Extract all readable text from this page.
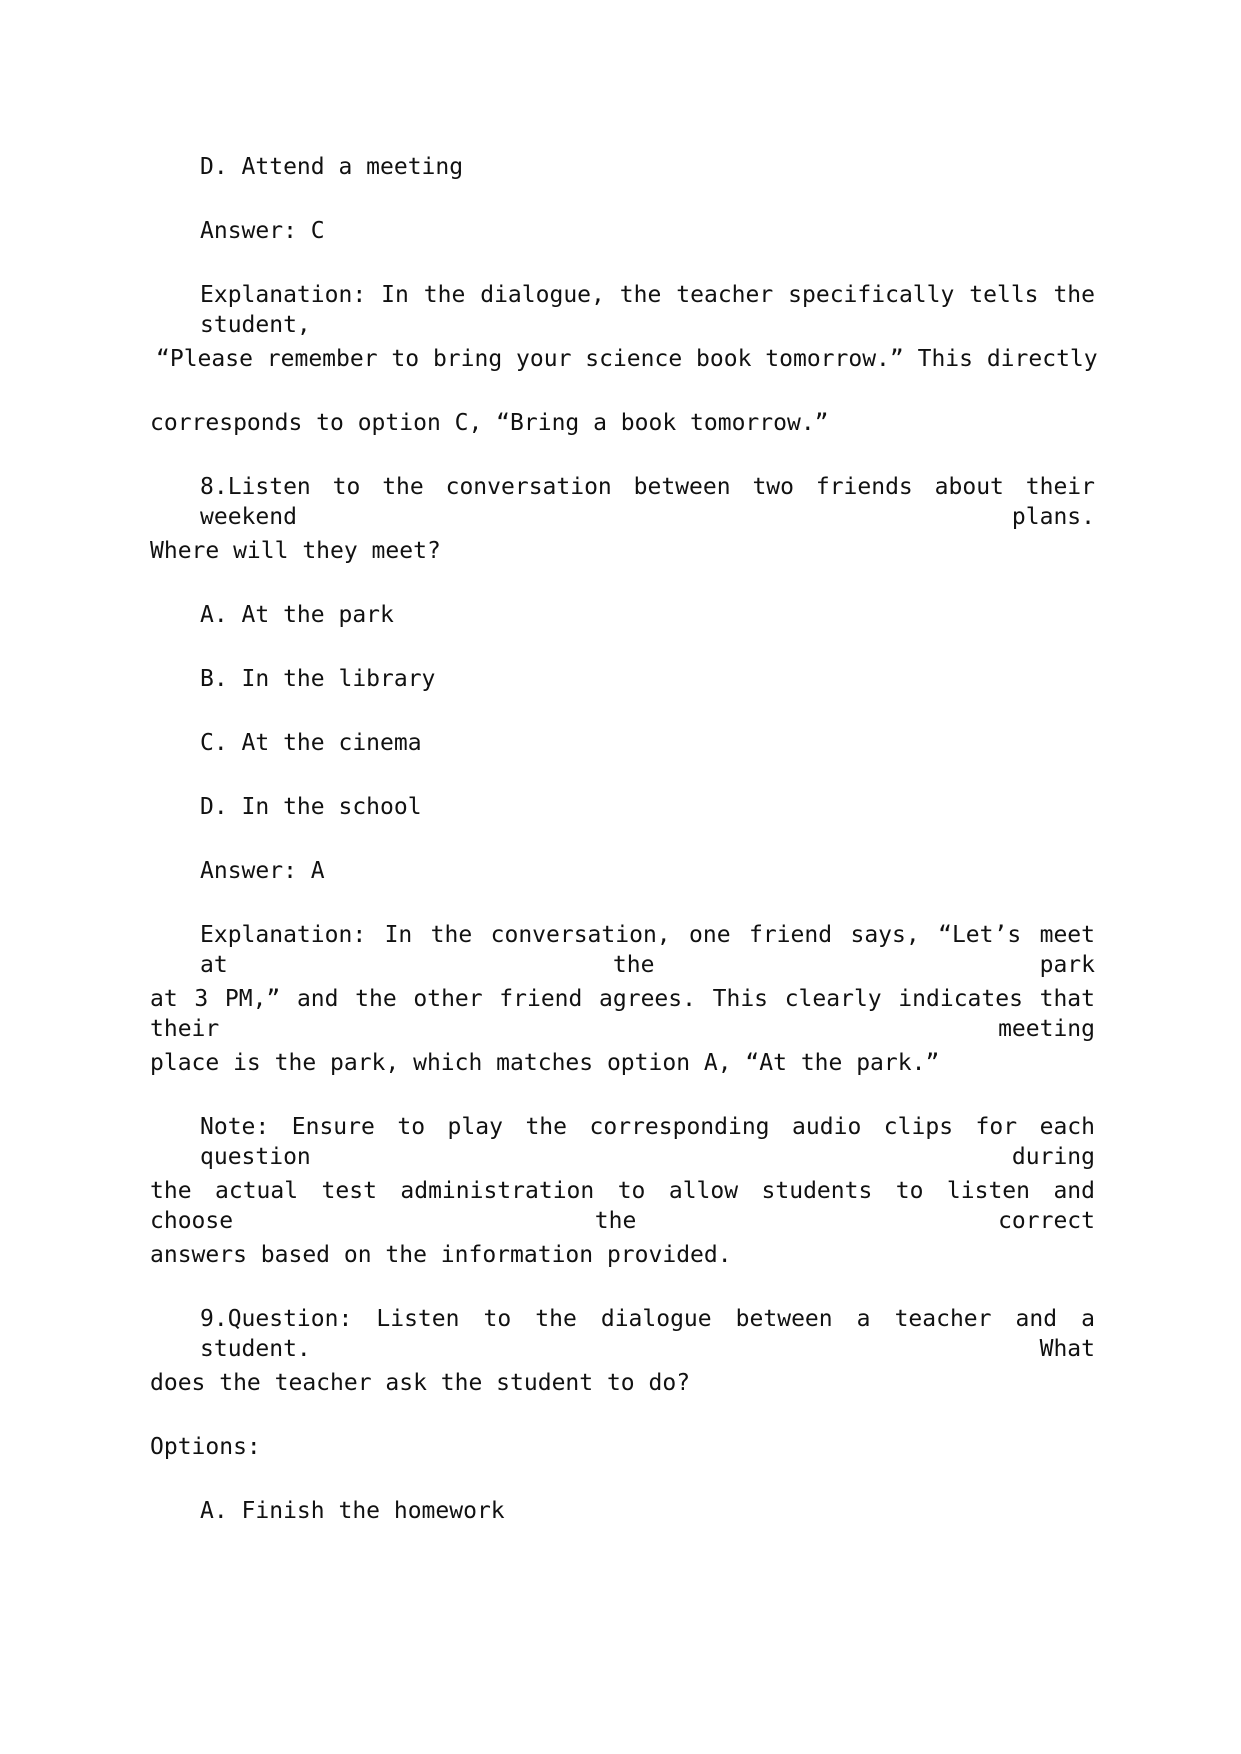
D. Attend a meeting
Answer: C
Explanation: In the dialogue, the teacher specifically tells the student,
“Please remember to bring your science book tomorrow.” This directly
corresponds to option C, “Bring a book tomorrow.”
8.Listen to the conversation between two friends about their weekend plans.
Where will they meet?
A. At the park
B. In the library
C. At the cinema
D. In the school
Answer: A
Explanation: In the conversation, one friend says, “Let’s meet at the park
at 3 PM,” and the other friend agrees. This clearly indicates that their meeting
place is the park, which matches option A, “At the park.”
Note: Ensure to play the corresponding audio clips for each question during
the actual test administration to allow students to listen and choose the correct
answers based on the information provided.
9.Question: Listen to the dialogue between a teacher and a student. What
does the teacher ask the student to do?
Options:
A. Finish the homework
